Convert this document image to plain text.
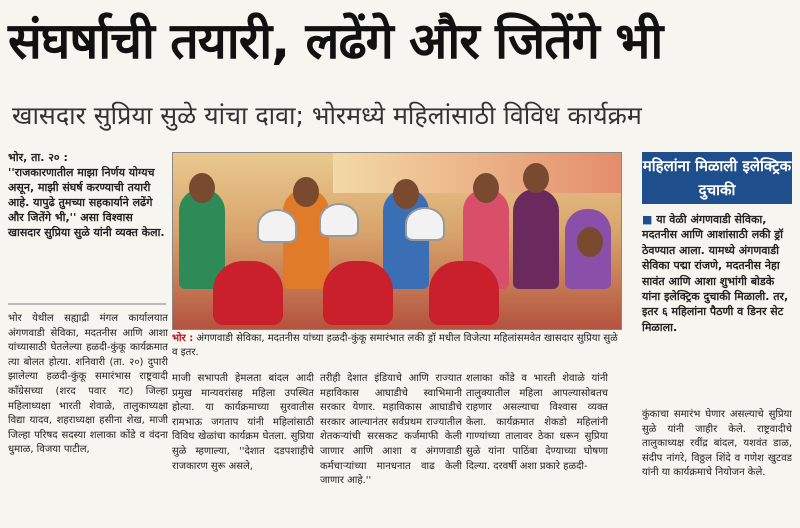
संघर्षाची तयारी, लढेंगे और जितेंगे भी
खासदार सुप्रिया सुळे यांचा दावा; भोरमध्ये महिलांसाठी विविध कार्यक्रम
भोर, ता. २० :
''राजकारणातील माझा निर्णय योग्यच असून, माझी संघर्ष करण्याची तयारी आहे. यापुढे तुमच्या सहकार्याने लढेंगे और जितेंगे भी,'' असा विश्वास खासदार सुप्रिया सुळे यांनी व्यक्त केला.
भोर येथील सह्याद्री मंगल कार्यालयात अंगणवाडी सेविका, मदतनीस आणि आशा यांच्यासाठी घेतलेल्या हळदी-कुंकू कार्यक्रमात त्या बोलत होत्या. शनिवारी (ता. २०) दुपारी झालेल्या हळदी-कुंकू समारंभास राष्ट्रवादी काँग्रेसच्या (शरद पवार गट) जिल्हा महिलाध्यक्षा भारती शेवाळे, तालुकाध्यक्षा विद्या यादव, शहराध्यक्षा हसीना शेख, माजी जिल्हा परिषद सदस्या शलाका कोंडे व वंदना धुमाळ, विजया पाटील,
भोर : अंगणवाडी सेविका, मदतनीस यांच्या हळदी-कुंकू समारंभात लकी ड्रॉ मधील विजेत्या महिलांसमवेत खासदार सुप्रिया सुळे व इतर.
माजी सभापती हेमलता बांदल आदी प्रमुख मान्यवरांसह महिला उपस्थित होत्या. या कार्यक्रमाच्या सुरवातीस रामभाऊ जगताप यांनी महिलांसाठी विविध खेळांचा कार्यक्रम घेतला. सुप्रिया सुळे म्हणाल्या, ''देशात दडपशाहीचे राजकारण सुरू असले,
तरीही देशात इंडियाचे आणि राज्यात महाविकास आघाडीचे स्वाभिमानी सरकार येणार. महाविकास आघाडीचे सरकार आल्यानंतर सर्वप्रथम राज्यातील शेतकऱ्यांची सरसकट कर्जमाफी केली जाणार आणि आशा व अंगणवाडी कर्मचाऱ्यांच्या मानधनात वाढ केली जाणार आहे.''
शलाका कोंडे व भारती शेवाळे यांनी तालुक्यातील महिला आपल्यासोबतच राहणार असल्याचा विश्वास व्यक्त केला. कार्यक्रमात शेकडो महिलांनी गाण्यांच्या तालावर ठेका धरून सुप्रिया सुळे यांना पाठिंबा देण्याच्या घोषणा दिल्या. दरवर्षी अशा प्रकारे हळदी-
महिलांना मिळाली इलेक्ट्रिक दुचाकी
■ या वेळी अंगणवाडी सेविका, मदतनीस आणि आशांसाठी लकी ड्रॉ ठेवण्यात आला. यामध्ये अंगणवाडी सेविका पद्मा रांजणे, मदतनीस नेहा सावंत आणि आशा शुभांगी बोडके यांना इलेक्ट्रिक दुचाकी मिळाली. तर, इतर ६ महिलांना पैठणी व डिनर सेट मिळाला.
कुंकाचा समारंभ घेणार असल्याचे सुप्रिया सुळे यांनी जाहीर केले. राष्ट्रवादीचे तालुकाध्यक्ष रवींद्र बांदल, यशवंत डाळ, संदीप नांगरे, विठ्ठल शिंदे व गणेश खुटवड यांनी या कार्यक्रमाचे नियोजन केले.
